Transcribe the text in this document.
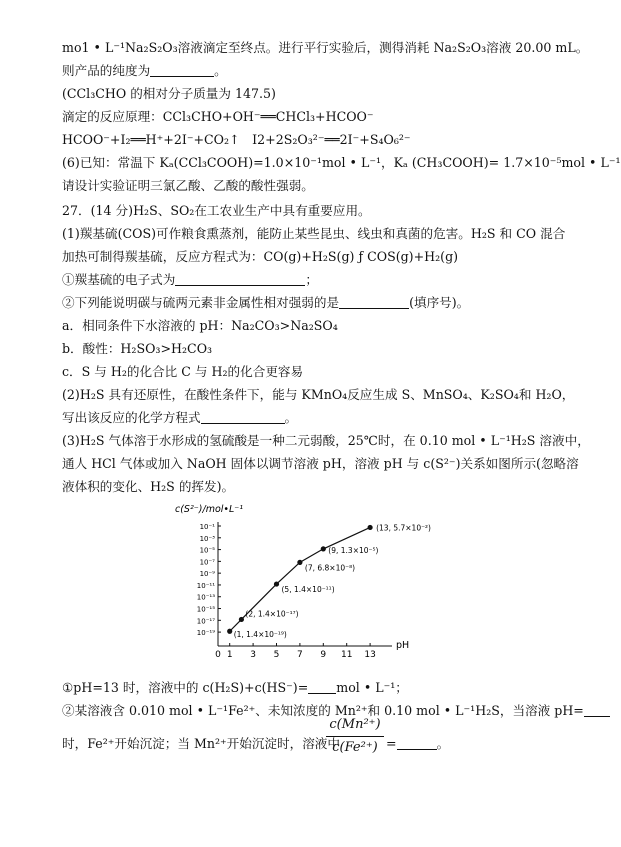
mo1 • L⁻¹Na₂S₂O₃溶液滴定至终点。进行平行实验后，测得消耗 Na₂S₂O₃溶液 20.00 mL。
则产品的纯度为	。
(CCl₃CHO 的相对分子质量为 147.5)
滴定的反应原理：CCl₃CHO+OH⁻══CHCl₃+HCOO⁻
HCOO⁻+I₂══H⁺+2I⁻+CO₂↑　I2+2S₂O₃²⁻══2I⁻+S₄O₆²⁻
(6)已知：常温下 Kₐ(CCl₃COOH)=1.0×10⁻¹mol • L⁻¹，Kₐ (CH₃COOH)= 1.7×10⁻⁵mol • L⁻¹
请设计实验证明三氯乙酸、乙酸的酸性强弱。
27．(14 分)H₂S、SO₂在工农业生产中具有重要应用。
(1)羰基硫(COS)可作粮食熏蒸剂，能防止某些昆虫、线虫和真菌的危害。H₂S 和 CO 混合
加热可制得羰基硫，反应方程式为：CO(g)+H₂S(g) ƒ COS(g)+H₂(g)
①羰基硫的电子式为	；
②下列能说明碳与硫两元素非金属性相对强弱的是	(填序号)。
a．相同条件下水溶液的 pH：Na₂CO₃>Na₂SO₄
b．酸性：H₂SO₃>H₂CO₃
c．S 与 H₂的化合比 C 与 H₂的化合更容易
(2)H₂S 具有还原性，在酸性条件下，能与 KMnO₄反应生成 S、MnSO₄、K₂SO₄和 H₂O，
写出该反应的化学方程式	。
(3)H₂S 气体溶于水形成的氢硫酸是一种二元弱酸，25℃时，在 0.10 mol • L⁻¹H₂S 溶液中，
通人 HCl 气体或加入 NaOH 固体以调节溶液 pH，溶液 pH 与 c(S²⁻)关系如图所示(忽略溶
液体积的变化、H₂S 的挥发)。
c(S²⁻)/mol•L⁻¹
pH
10⁻¹
10⁻³
10⁻⁵
10⁻⁷
10⁻⁹
10⁻¹¹
10⁻¹³
10⁻¹⁵
10⁻¹⁷
10⁻¹⁹
0 1 3 5 7 9 11 13
(1, 1.4×10⁻¹⁹)
(2, 1.4×10⁻¹⁷)
(5, 1.4×10⁻¹¹)
(7, 6.8×10⁻⁸)
(9, 1.3×10⁻⁵)
(13, 5.7×10⁻²)
①pH=13 时，溶液中的 c(H₂S)+c(HS⁻)= mol • L⁻¹；
②某溶液含 0.010 mol • L⁻¹Fe²⁺、未知浓度的 Mn²⁺和 0.10 mol • L⁻¹H₂S，当溶液 pH=
时，Fe²⁺开始沉淀；当 Mn²⁺开始沉淀时，溶液中
c(Mn²⁺)
c(Fe²⁺) =	。
